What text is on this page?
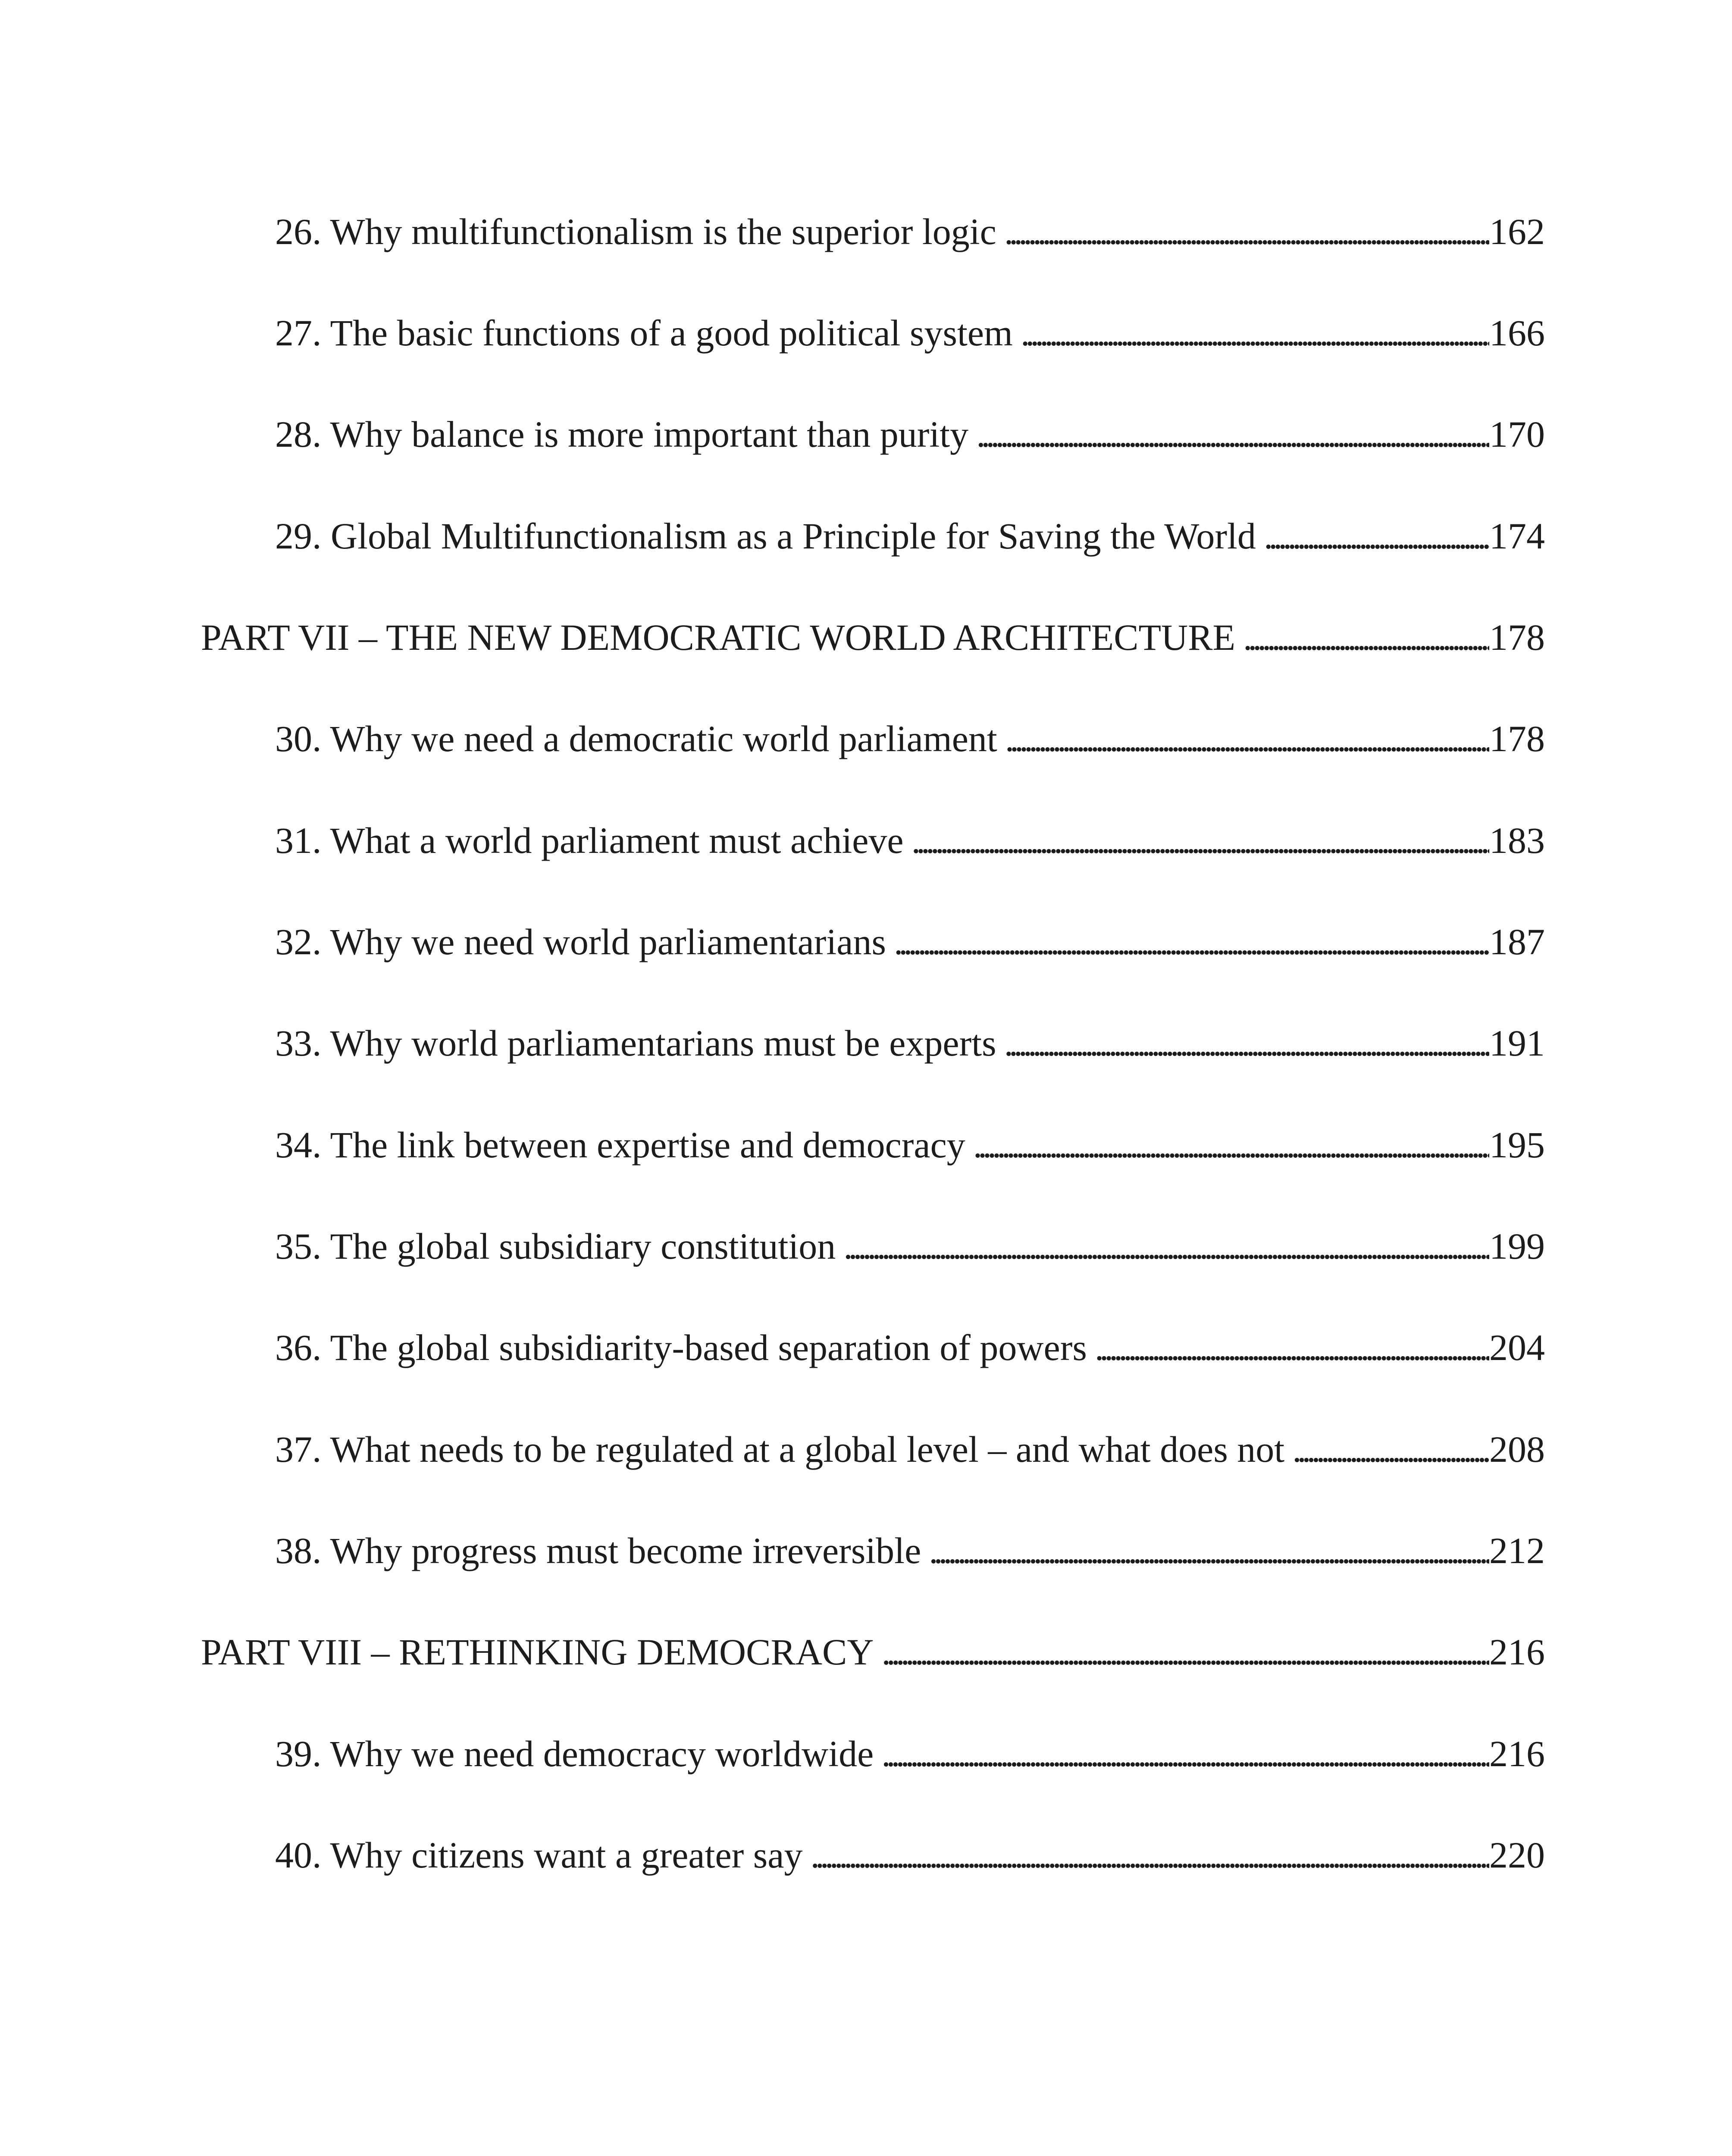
26. Why multifunctionalism is the superior logic . . .	162
27. The basic functions of a good political system . . .	166
28. Why balance is more important than purity . . .	170
29. Global Multifunctionalism as a Principle for Saving the World . . .	174
PART VII – THE NEW DEMOCRATIC WORLD ARCHITECTURE . . .	178
30. Why we need a democratic world parliament . . .	178
31. What a world parliament must achieve . . .	183
32. Why we need world parliamentarians . . .	187
33. Why world parliamentarians must be experts . . .	191
34. The link between expertise and democracy . . .	195
35. The global subsidiary constitution . . .	199
36. The global subsidiarity-based separation of powers . . .	204
37. What needs to be regulated at a global level – and what does not . . .	208
38. Why progress must become irreversible . . .	212
PART VIII – RETHINKING DEMOCRACY . . .	216
39. Why we need democracy worldwide . . .	216
40. Why citizens want a greater say . . .	220
